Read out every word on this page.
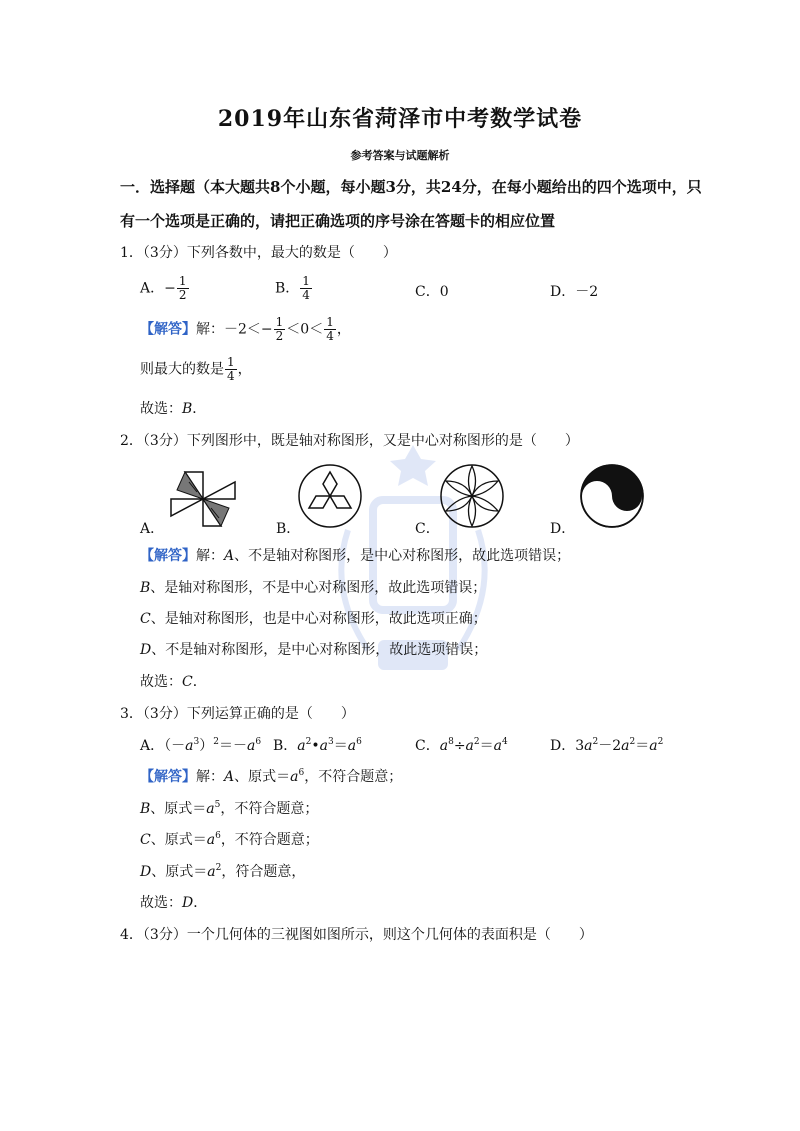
2019年山东省菏泽市中考数学试卷
参考答案与试题解析
一．选择题（本大题共8个小题，每小题3分，共24分，在每小题给出的四个选项中，只
有一个选项是正确的，请把正确选项的序号涂在答题卡的相应位置
1．（3分）下列各数中，最大的数是（　　）
A．− $\frac{1}{2}$	B． $\frac{1}{4}$	C．0	D．－2
【解答】解：$-2<- \frac{1}{2} <0< \frac{1}{4}$ ，
则最大的数是 $\frac{1}{4}$ ，
故选：B．
2．（3分）下列图形中，既是轴对称图形，又是中心对称图形的是（　　）
A．	B．	C．	D．
【解答】解：A、不是轴对称图形，是中心对称图形，故此选项错误；
B、是轴对称图形，不是中心对称图形，故此选项错误；
C、是轴对称图形，也是中心对称图形，故此选项正确；
D、不是轴对称图形，是中心对称图形，故此选项错误；
故选：C．
3．（3分）下列运算正确的是（　　）
A．$(-a^3)^2=-a^6$ B．$a^2•a^3=a^6$	C．$a^8\div a^2=a^4$	D．$3a^2-2a^2=a^2$
【解答】解：A、原式$=a^6$，不符合题意；
B、原式$=a^5$，不符合题意；
C、原式$=a^6$，不符合题意；
D、原式$=a^2$，符合题意，
故选：D．
4．（3分）一个几何体的三视图如图所示，则这个几何体的表面积是（　　）
